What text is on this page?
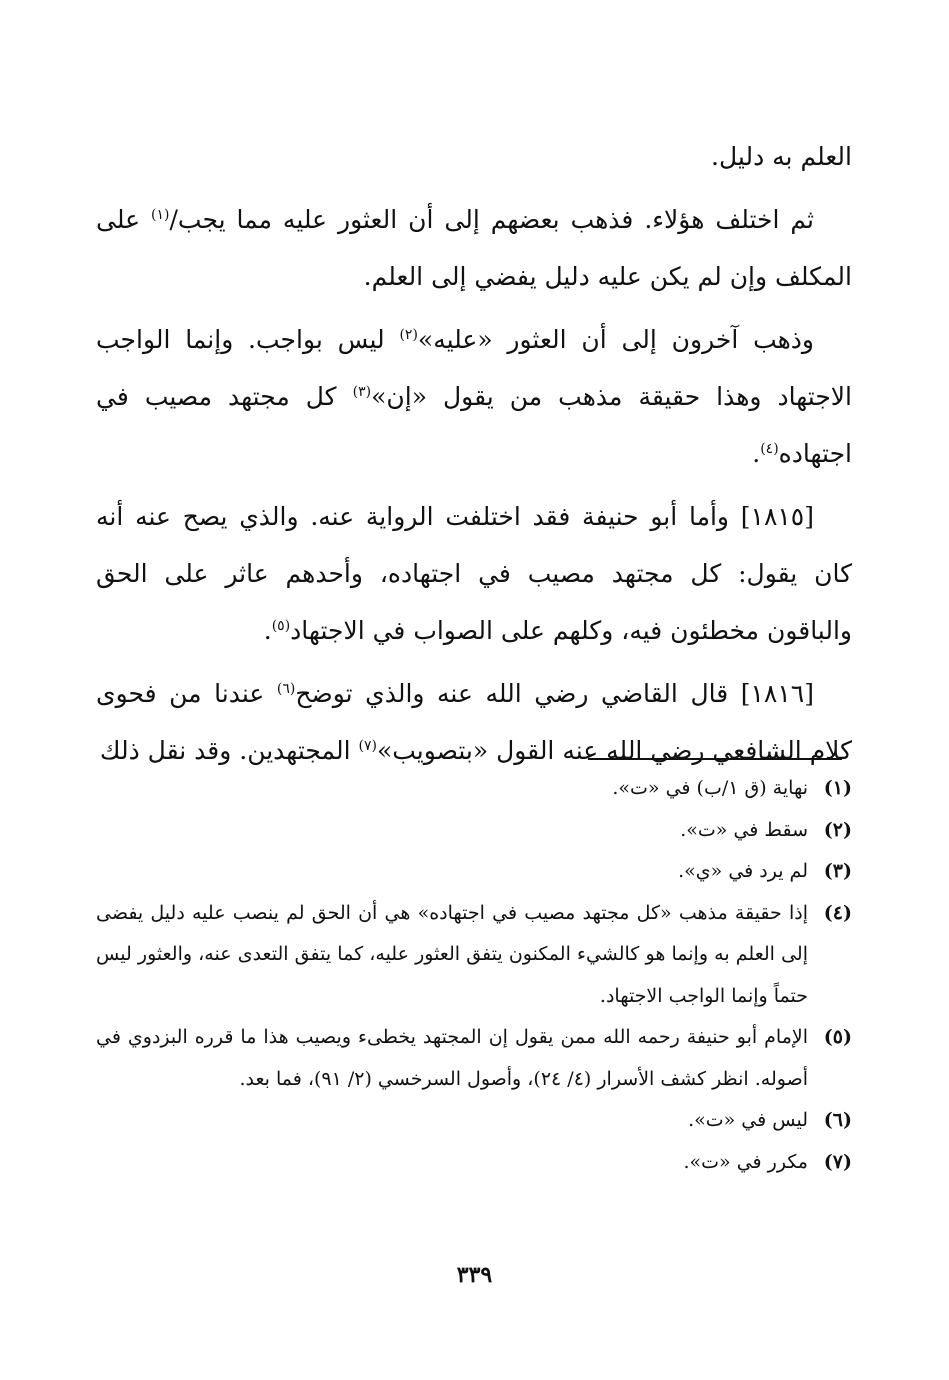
العلم به دليل.

ثم اختلف هؤلاء. فذهب بعضهم إلى أن العثور عليه مما يجب/$^{(١)}$ على المكلف وإن لم يكن عليه دليل يفضي إلى العلم.

وذهب آخرون إلى أن العثور «عليه»$^{(٢)}$ ليس بواجب. وإنما الواجب الاجتهاد وهذا حقيقة مذهب من يقول «إن»$^{(٣)}$ كل مجتهد مصيب في اجتهاده$^{(٤)}$.

[١٨١٥] وأما أبو حنيفة فقد اختلفت الرواية عنه. والذي يصح عنه أنه كان يقول: كل مجتهد مصيب في اجتهاده، وأحدهم عاثر على الحق والباقون مخطئون فيه، وكلهم على الصواب في الاجتهاد$^{(٥)}$.

[١٨١٦] قال القاضي رضي الله عنه والذي توضح$^{(٦)}$ عندنا من فحوى كلام الشافعي رضي الله عنه القول «بتصويب»$^{(٧)}$ المجتهدين. وقد نقل ذلك

(١)
نهاية (ق ١/ب) في «ت».
(٢)
سقط في «ت».
(٣)
لم يرد في «ي».
(٤)
إذا حقيقة مذهب «كل مجتهد مصيب في اجتهاده» هي أن الحق لم ينصب عليه دليل يفضى إلى العلم به وإنما هو كالشيء المكنون يتفق العثور عليه، كما يتفق التعدى عنه، والعثور ليس حتماً وإنما الواجب الاجتهاد.
(٥)
الإمام أبو حنيفة رحمه الله ممن يقول إن المجتهد يخطىء ويصيب هذا ما قرره البزدوي في أصوله. انظر كشف الأسرار (٤/ ٢٤)، وأصول السرخسي (٢/ ٩١)، فما بعد.
(٦)
ليس في «ت».
(٧)
مكرر في «ت».
٣٣٩
